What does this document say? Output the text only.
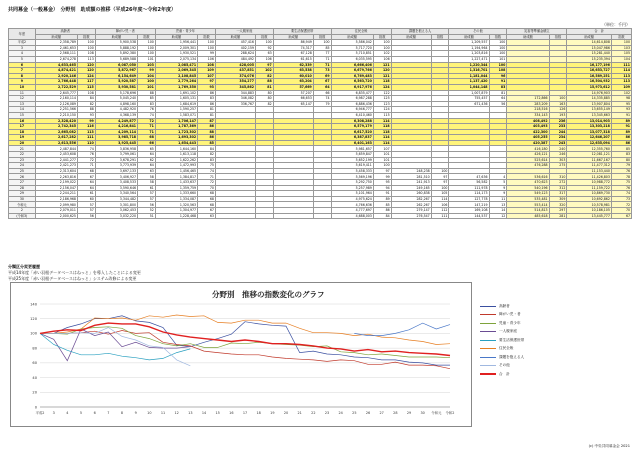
共同募金（一般募金）　分野別　助成額の推移（平成26年度～令和2年度）
（単位：千円）
年度	高齢者		障がい児・者		児童・青少年		一人親家庭		要生活保護世帯		住民全般		課題を抱える人		その他		災害等準備金積立		合　計	
	助成額	指数	助成額	指数	助成額	指数	助成額	指数	助成額	指数	助成額	指数	助成額	指数	助成額	指数	助成額	指数	助成額	指数
平成2	2,358,789	100	5,900,538	100	1,956,441	100	457,416	100	86,949	100	5,586,042	100			1,209,557	100			14,614,808	100
3	2,461,653	100	5,888,192	100	2,009,301	100	402,159	92	74,317	85	5,717,720	100			1,194,964	100			15,047,986	103
4	2,568,111	108	5,892,380	100	1,930,521	99	288,624	63	67,128	77	5,710,851	102			1,203,816	100			15,281,440	105
5	2,674,278	113	5,689,588	101	2,075,134	106	484,492	106	61,615	71	6,035,595	106			1,227,471	101			15,235,394	104
6	4,633,465	120	6,087,050	103	2,085,471	108	428,005	97	62,339	71	6,666,406	121			1,220,344	100			16,177,196	111
7	4,874,421	120	5,872,967	99	2,069,345	109	437,851	102	63,538	73	6,679,766	120			1,316,701	108			16,653,727	114
8	2,920,146	124	6,154,649	104	2,108,845	107	374,076	82	60,010	69	6,769,483	121			1,181,044	96			16,589,251	113
9	2,766,448	117	5,920,587	100	2,779,264	97	354,277	88	63,204	67	6,563,720	118			1,137,420	91			16,504,932	113
10	2,722,529	115	5,930,581	101	1,769,350	93	345,862	81	57,669	64	6,917,976	124			1,044,148	83			15,973,612	109
11	2,645,777	108	5,178,696	88	1,691,102	86	344,883	80	57,207	66	6,835,477	122			1,007,879	81			14,976,903	102
12	2,160,114	84	5,045,240	85	1,605,131	83	346,082	80	66,653	74	6,987,288	125			755,457	64	172,866	100	14,335,885	98
13	2,126,089	82	4,898,160	83	1,684,619	86	336,767	82	65,147	79	6,886,436	123			671,436	56	283,209	163	13,907,804	95
14	2,251,566	88	4,482,920	76	1,590,257	81					6,946,777	124					218,516	126	13,655,149	93
15	2,210,150	93	4,368,139	74	1,583,071	81					6,410,460	115					334,143	193	13,345,663	91
16	2,328,420	99	4,249,877	72	1,706,147	87					6,308,288	114					408,492	236	13,014,903	89
17	2,742,345	116	4,216,841	71	1,787,369	86					6,579,179	118					403,493	233	13,303,218	91
18	2,665,082	113	4,209,114	71	1,723,302	88					6,617,520	118					422,300	244	13,077,318	89
19	2,617,282	111	3,985,718	68	1,693,302	86					6,387,837	114					405,255	234	12,646,207	86
20	2,613,556	110	3,925,445	66	1,654,443	85					6,401,163	114					420,387	243	12,635,094	86
21	2,487,844	74	3,836,958	65	1,644,160	84					5,981,657	107					416,180	240	12,355,760	85
22	2,453,608	76	3,799,061	64	1,613,118	82					5,659,847	101					426,121	246	12,081,121	83
23	2,441,277	72	3,678,291	62	1,622,262	83					5,652,199	101					525,614	303	11,667,167	80
24	2,421,273	71	3,773,939	64	1,472,993	75					5,619,411	100					476,288	275	11,477,312	79
25	2,313,604	68	3,697,133	63	1,456,465	74					5,458,333	97	248,238	100					11,153,440	76
26	2,263,816	67	3,406,927	58	1,384,817	71					5,569,196	99	281,510	97	47,636	4	536,616	310	11,426,803	78
27	2,199,022	64	3,408,533	58	1,433,637	72					5,292,750	95	241,913	97	56,582	5	470,623	272	10,988,772	75
28	2,156,047	64	3,590,646	61	1,359,759	70					5,257,989	94	249,165	100	111,978	9	540,196	312	11,159,722	76
29	2,244,211	61	3,340,564	57	1,333,660	68					5,101,964	91	260,838	105	114,173	9	549,123	317	10,869,730	74
30	2,186,968	60	3,344,482	57	1,334,087	68					4,975,624	89	282,267	114	127,778	11	535,481	309	10,692,862	73
令和元	2,099,980	57	3,301,800	56	1,320,563	68					4,766,636	85	262,267	106	147,219	13	553,414	320	10,578,981	72
2	2,079,011	57	3,062,453	52	1,304,977	67					4,777,697	86	279,147	112	169,108	14	514,813	297	10,186,105	70
(令和3)	2,000,625	56	3,032,220	51	1,228,468	63					4,688,003	84	276,547	111	144,537	12	485,618	281	13,445,777	67
分類区分変更履歴
平成14年度「赤い羽根データベースはねっと」を導入したことによる変更
平成25年度「赤い羽根データベースはねっと」システム改修による変更
分野別　推移の指数変化のグラフ
0
20
40
60
80
100
120
140
平成2 3	4	5	6	7	8	9	10	11	12	13	14	15	16	17	18	19	20	21	22	23	24	25	26	27	28	29	30 令和元 令和2
高齢者
障がい児・者
児童・青少年
一人親家庭
要生活保護世帯
住民全般
課題を抱える人
その他
合　計
(c) 中央共同募金会 2021
